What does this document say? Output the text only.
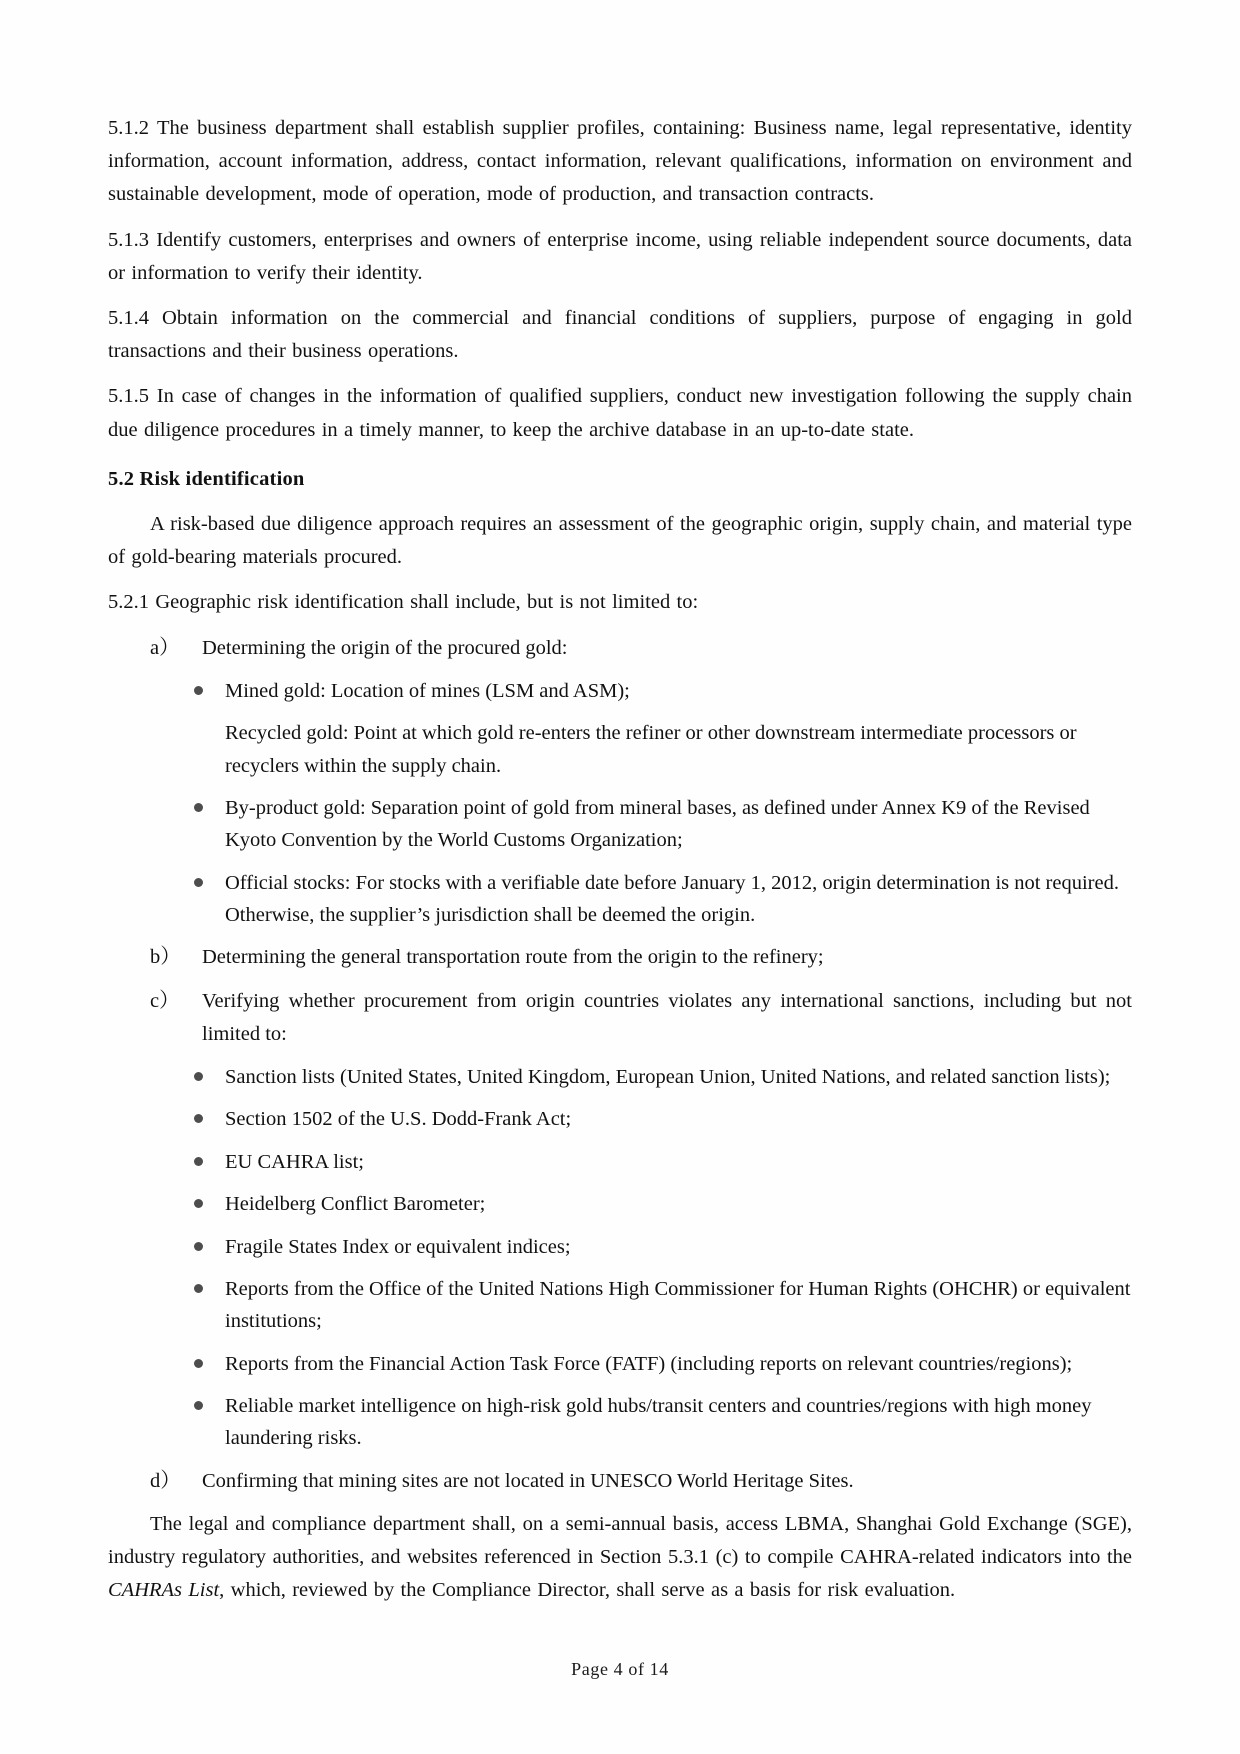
5.1.2 The business department shall establish supplier profiles, containing: Business name, legal representative, identity information, account information, address, contact information, relevant qualifications, information on environment and sustainable development, mode of operation, mode of production, and transaction contracts.

5.1.3 Identify customers, enterprises and owners of enterprise income, using reliable independent source documents, data or information to verify their identity.

5.1.4 Obtain information on the commercial and financial conditions of suppliers, purpose of engaging in gold transactions and their business operations.

5.1.5 In case of changes in the information of qualified suppliers, conduct new investigation following the supply chain due diligence procedures in a timely manner, to keep the archive database in an up-to-date state.

5.2 Risk identification

A risk-based due diligence approach requires an assessment of the geographic origin, supply chain, and material type of gold-bearing materials procured.

5.2.1 Geographic risk identification shall include, but is not limited to:

a）	Determining the origin of the procured gold:
Mined gold: Location of mines (LSM and ASM);
Recycled gold: Point at which gold re-enters the refiner or other downstream intermediate processors or recyclers within the supply chain.
By-product gold: Separation point of gold from mineral bases, as defined under Annex K9 of the Revised Kyoto Convention by the World Customs Organization;
Official stocks: For stocks with a verifiable date before January 1, 2012, origin determination is not required. Otherwise, the supplier’s jurisdiction shall be deemed the origin.
b）	Determining the general transportation route from the origin to the refinery;
c）	Verifying whether procurement from origin countries violates any international sanctions, including but not limited to:
Sanction lists (United States, United Kingdom, European Union, United Nations, and related sanction lists);
Section 1502 of the U.S. Dodd-Frank Act;
EU CAHRA list;
Heidelberg Conflict Barometer;
Fragile States Index or equivalent indices;
Reports from the Office of the United Nations High Commissioner for Human Rights (OHCHR) or equivalent institutions;
Reports from the Financial Action Task Force (FATF) (including reports on relevant countries/regions);
Reliable market intelligence on high-risk gold hubs/transit centers and countries/regions with high money laundering risks.
d）	Confirming that mining sites are not located in UNESCO World Heritage Sites.

The legal and compliance department shall, on a semi-annual basis, access LBMA, Shanghai Gold Exchange (SGE), industry regulatory authorities, and websites referenced in Section 5.3.1 (c) to compile CAHRA-related indicators into the CAHRAs List, which, reviewed by the Compliance Director, shall serve as a basis for risk evaluation.

Page 4 of 14
